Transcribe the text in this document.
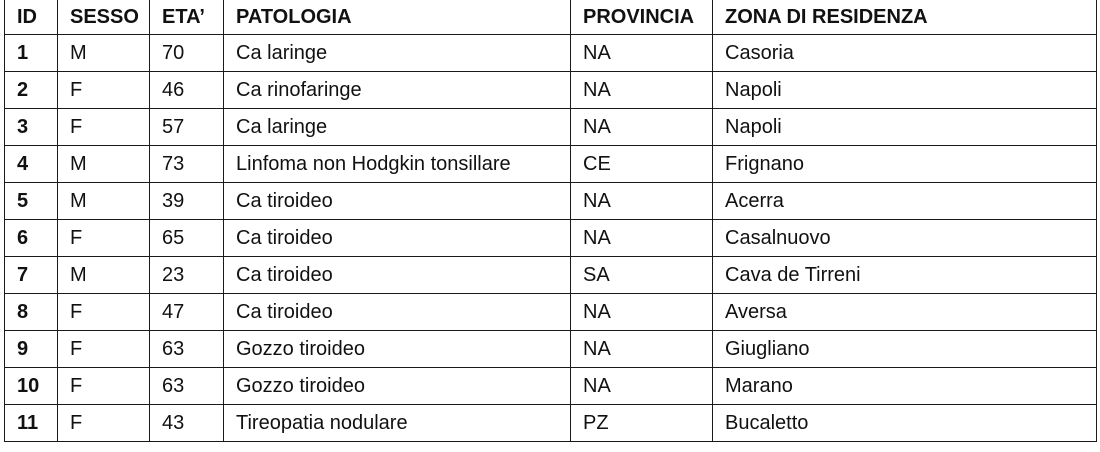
ID	SESSO	ETA’	PATOLOGIA	PROVINCIA	ZONA DI RESIDENZA
1	M	70	Ca laringe	NA	Casoria
2	F	46	Ca rinofaringe	NA	Napoli
3	F	57	Ca laringe	NA	Napoli
4	M	73	Linfoma non Hodgkin tonsillare	CE	Frignano
5	M	39	Ca tiroideo	NA	Acerra
6	F	65	Ca tiroideo	NA	Casalnuovo
7	M	23	Ca tiroideo	SA	Cava de Tirreni
8	F	47	Ca tiroideo	NA	Aversa
9	F	63	Gozzo tiroideo	NA	Giugliano
10	F	63	Gozzo tiroideo	NA	Marano
11	F	43	Tireopatia nodulare	PZ	Bucaletto
